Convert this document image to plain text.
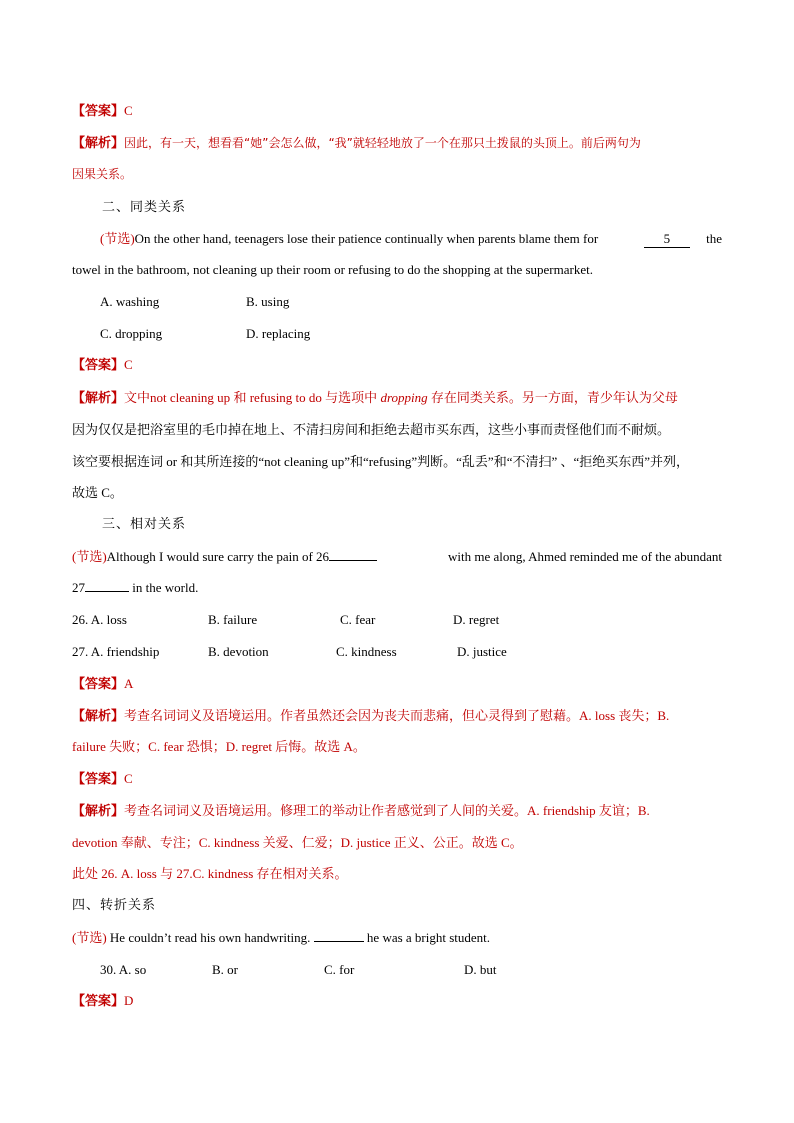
【答案】C
【解析】因此，有一天，想看看“她”会怎么做，“我”就轻轻地放了一个在那只土拨鼠的头顶上。前后两句为
因果关系。
二、同类关系
(节选)On the other hand, teenagers lose their patience continually when parents blame them for	5	the
towel in the bathroom, not cleaning up their room or refusing to do the shopping at the supermarket.
A. washing	B. using
C. dropping	D. replacing
【答案】C
【解析】文中not cleaning up 和 refusing to do 与选项中 dropping 存在同类关系。另一方面，青少年认为父母
因为仅仅是把浴室里的毛巾掉在地上、不清扫房间和拒绝去超市买东西，这些小事而责怪他们而不耐烦。
该空要根据连词 or 和其所连接的“not cleaning up”和“refusing”判断。“乱丢”和“不清扫” 、“拒绝买东西”并列，
故选 C。
三、相对关系
(节选)Although I would sure carry the pain of 26	with me along, Ahmed reminded me of the abundant
27	in the world.
26. A. loss	B. failure	C. fear	D. regret
27. A. friendship	B. devotion	C. kindness	D. justice
【答案】A
【解析】考查名词词义及语境运用。作者虽然还会因为丧夫而悲痛，但心灵得到了慰藉。A. loss 丧失；B.
failure 失败；C. fear 恐惧；D. regret 后悔。故选 A。
【答案】C
【解析】考查名词词义及语境运用。修理工的举动让作者感觉到了人间的关爱。A. friendship 友谊；B.
devotion 奉献、专注；C. kindness 关爱、仁爱；D. justice 正义、公正。故选 C。
此处 26. A. loss 与 27.C. kindness 存在相对关系。
四、转折关系
(节选) He couldn’t read his own handwriting.	he was a bright student.
30. A. so	B. or	C. for	D. but
【答案】D
